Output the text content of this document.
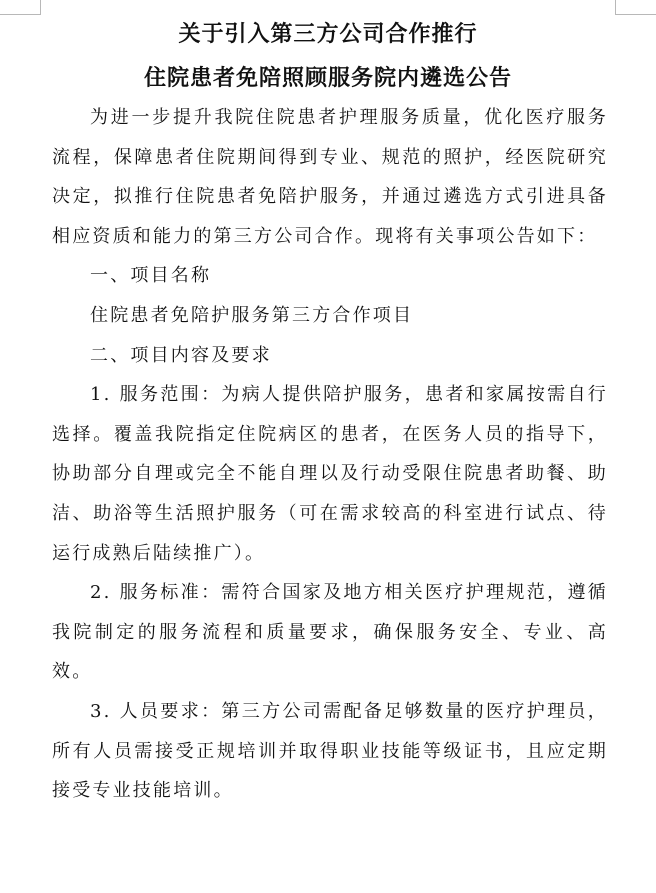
关于引入第三方公司合作推行
住院患者免陪照顾服务院内遴选公告

为进一步提升我院住院患者护理服务质量，优化医疗服务流程，保障患者住院期间得到专业、规范的照护，经医院研究决定，拟推行住院患者免陪护服务，并通过遴选方式引进具备相应资质和能力的第三方公司合作。现将有关事项公告如下：

一、项目名称

住院患者免陪护服务第三方合作项目

二、项目内容及要求

1. 服务范围：为病人提供陪护服务，患者和家属按需自行选择。覆盖我院指定住院病区的患者，在医务人员的指导下，协助部分自理或完全不能自理以及行动受限住院患者助餐、助洁、助浴等生活照护服务（可在需求较高的科室进行试点、待运行成熟后陆续推广）。

2. 服务标准：需符合国家及地方相关医疗护理规范，遵循我院制定的服务流程和质量要求，确保服务安全、专业、高效。

3. 人员要求：第三方公司需配备足够数量的医疗护理员，所有人员需接受正规培训并取得职业技能等级证书，且应定期接受专业技能培训。
